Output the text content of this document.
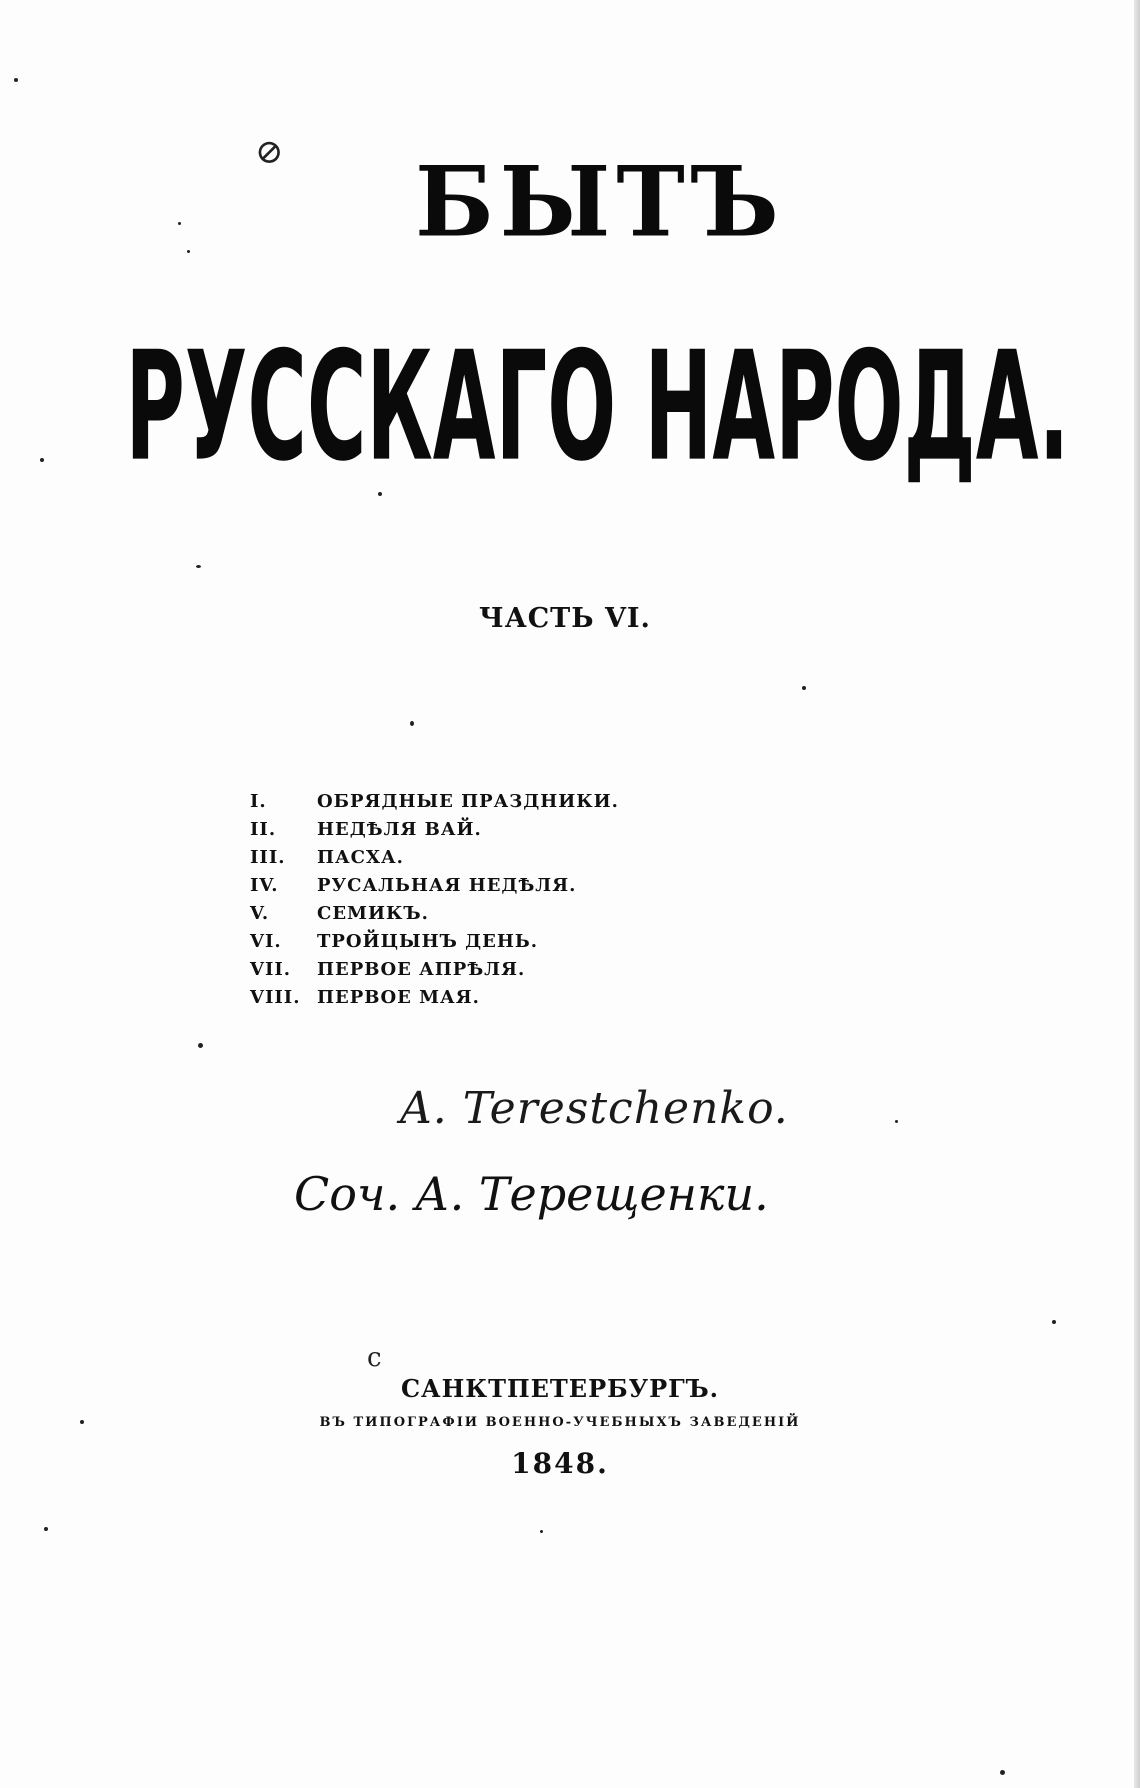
⊘	БЫТЪ
РУССКАГО НАРОДА.
ЧАСТЬ VI.
I.	ОБРЯДНЫЕ ПРАЗДНИКИ.
II.	НЕДѢЛЯ ВАЙ.
III.	ПАСХА.
IV.	РУСАЛЬНАЯ НЕДѢЛЯ.
V.	СЕМИКЪ.
VI.	ТРОЙЦЫНЪ ДЕНЬ.
VII.	ПЕРВОЕ АПРѢЛЯ.
VIII. ПЕРВОЕ МАЯ.
A. Terestchenko.
Соч. А. Терещенки.
с
САНКТПЕТЕРБУРГЪ.
ВЪ ТИПОГРАФІИ ВОЕННО-УЧЕБНЫХЪ ЗАВЕДЕНІЙ
1848.
